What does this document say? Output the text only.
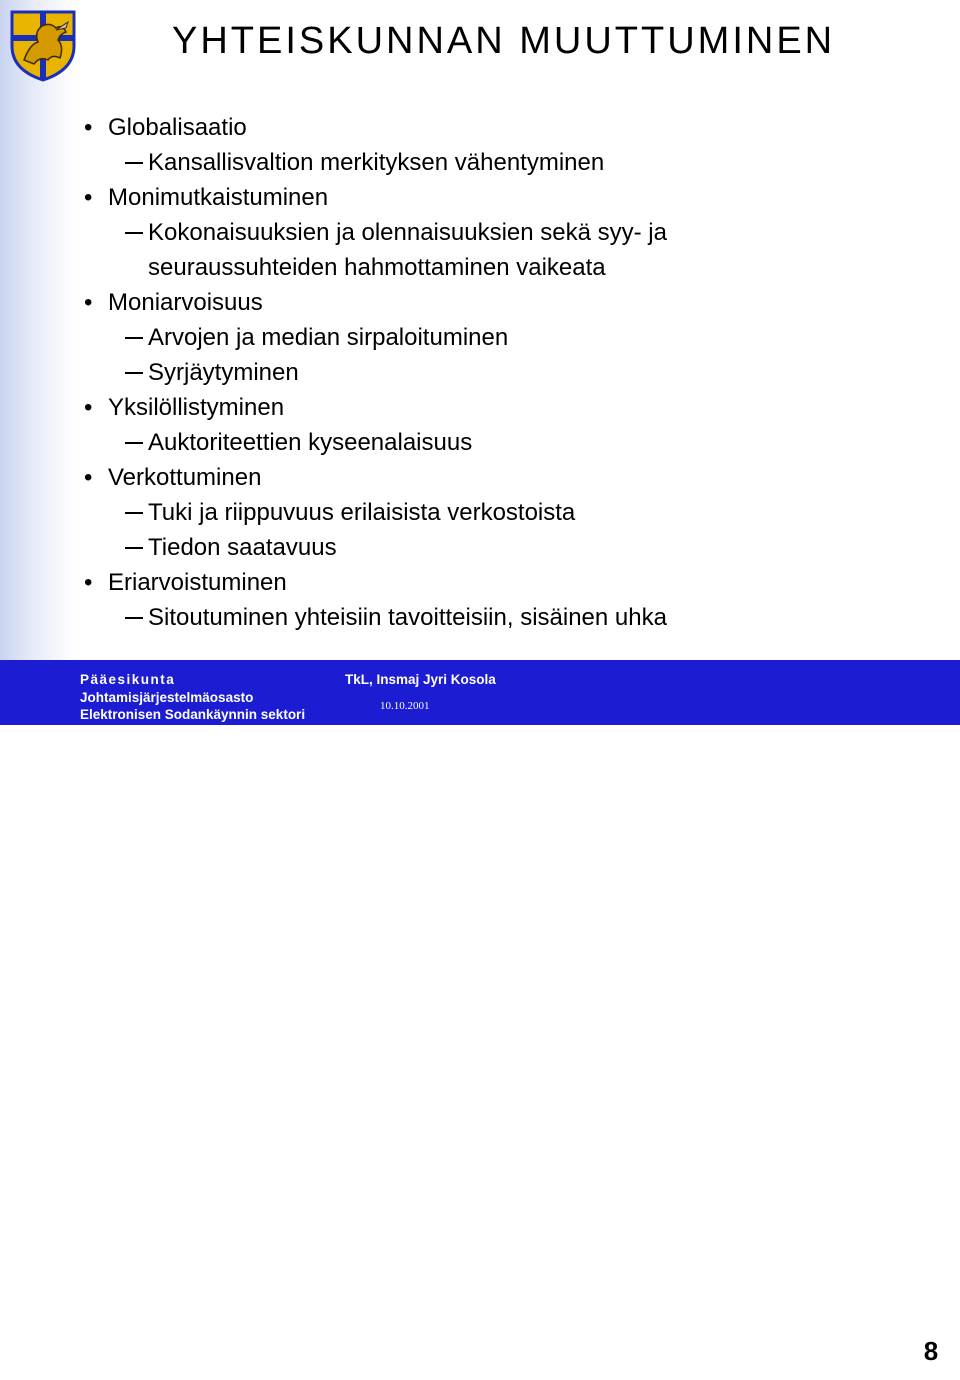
YHTEISKUNNAN MUUTTUMINEN
• Globalisaatio
Kansallisvaltion merkityksen vähentyminen
• Monimutkaistuminen
Kokonaisuuksien ja olennaisuuksien sekä syy- ja
seuraussuhteiden hahmottaminen vaikeata
• Moniarvoisuus
Arvojen ja median sirpaloituminen
Syrjäytyminen
• Yksilöllistyminen
Auktoriteettien kyseenalaisuus
• Verkottuminen
Tuki ja riippuvuus erilaisista verkostoista
Tiedon saatavuus
• Eriarvoistuminen
Sitoutuminen yhteisiin tavoitteisiin, sisäinen uhka
Pääesikunta
Johtamisjärjestelmäosasto
Elektronisen Sodankäynnin sektori
TkL, Insmaj Jyri Kosola
10.10.2001
8
